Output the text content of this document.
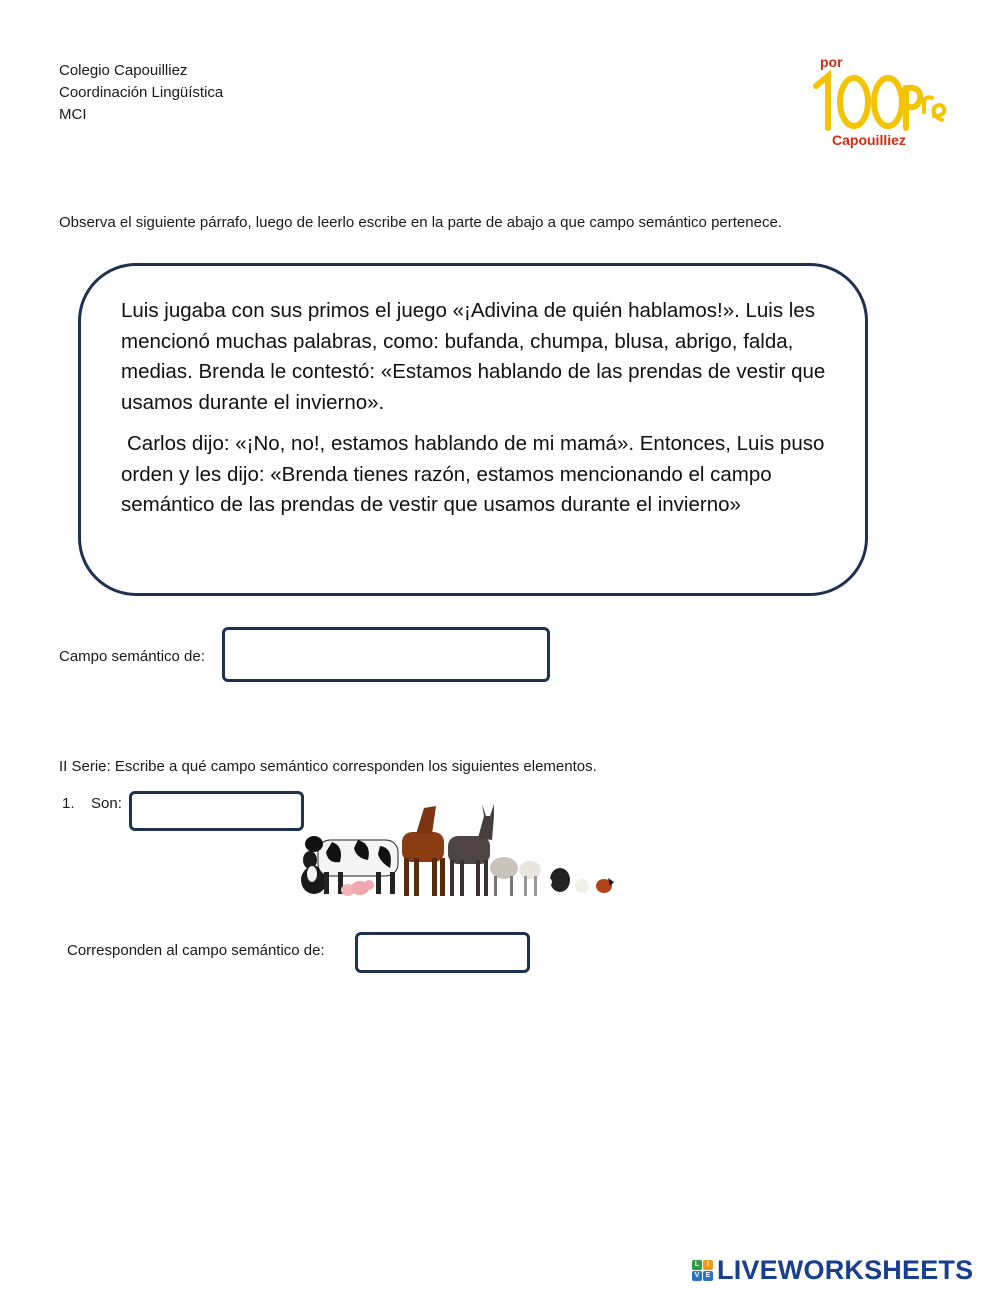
Colegio Capouilliez
Coordinación Lingüística
MCI
por
Capouilliez
Observa el siguiente párrafo, luego de leerlo escribe en la parte de abajo a que campo semántico pertenece.

Luis jugaba con sus primos el juego «¡Adivina de quién hablamos!». Luis les mencionó muchas palabras, como: bufanda, chumpa, blusa, abrigo, falda, medias. Brenda le contestó: «Estamos hablando de las prendas de vestir que usamos durante el invierno».

Carlos dijo: «¡No, no!, estamos hablando de mi mamá». Entonces, Luis puso orden y les dijo: «Brenda tienes razón, estamos mencionando el campo semántico de las prendas de vestir que usamos durante el invierno»

Campo semántico de:
II Serie: Escribe a qué campo semántico corresponden los siguientes elementos.
1. Son:
Corresponden al campo semántico de:
L	I
V E LIVEWORKSHEETS
